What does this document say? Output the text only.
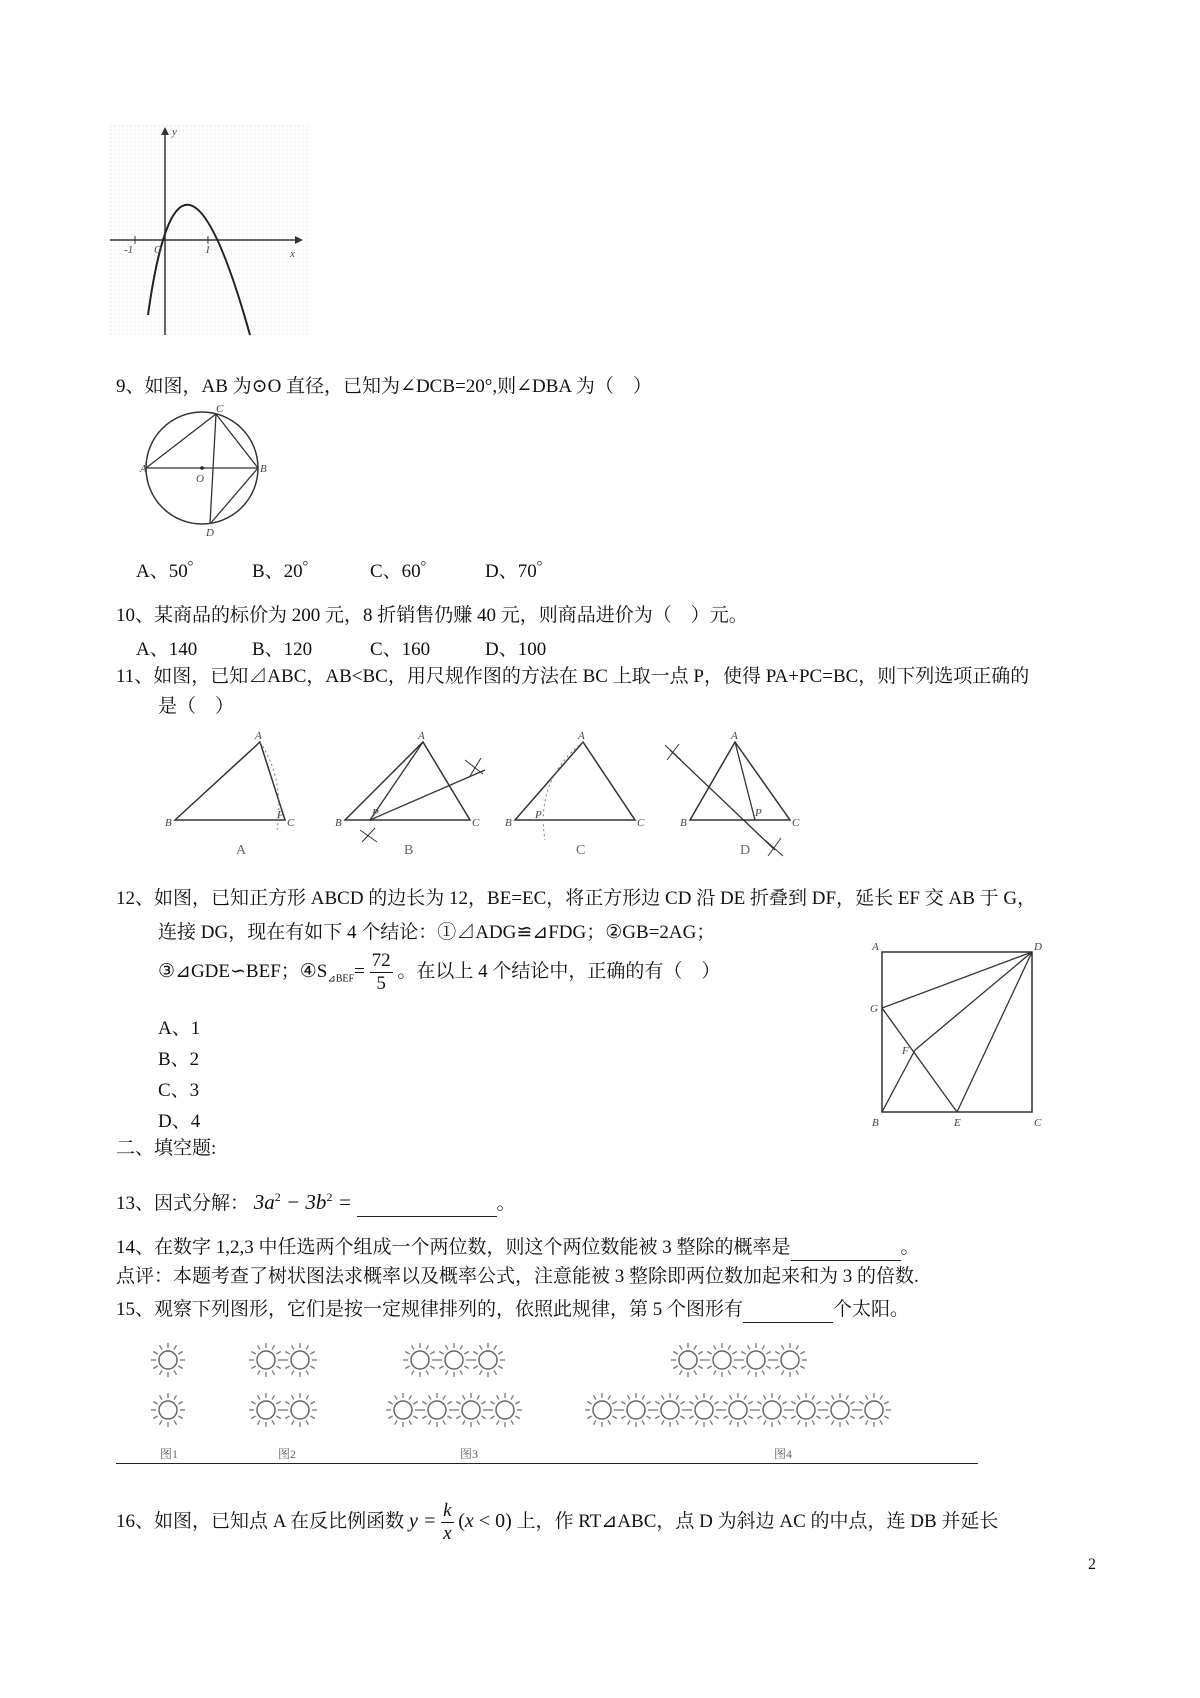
-1 O	1	x
y
9、如图，AB 为⊙O 直径，已知为∠DCB=20°,则∠DBA 为（　）
O
A	B
C
D
A、50゜ B、20゜	C、60゜ D、70゜
10、某商品的标价为 200 元，8 折销售仍赚 40 元，则商品进价为（　）元。
A、140	B、120	C、160	D、100
11、如图，已知⊿ABC，AB<BC，用尺规作图的方法在 BC 上取一点 P，使得 PA+PC=BC，则下列选项正确的
是（　）
B
A
C
P
B
A
C
P
B
A
C
P
B
A
C
P
A	B	C	D
12、如图，已知正方形 ABCD 的边长为 12，BE=EC，将正方形边 CD 沿 DE 折叠到 DF，延长 EF 交 AB 于 G，
连接 DG，现在有如下 4 个结论：①⊿ADG≌⊿FDG；②GB=2AG；
③⊿GDE∽BEF；$④S_{⊿BEF}= \frac{72}{5}$ 。在以上 4 个结论中，正确的有（　）
A、1
B、2
C、3
D、4
A	D
G
F
B	E	C
二、填空题:
13、因式分解： $3a^2 - 3b^2$ =	。
14、在数字 1,2,3 中任选两个组成一个两位数，则这个两位数能被 3 整除的概率是	。
点评：本题考查了树状图法求概率以及概率公式，注意能被 3 整除即两位数加起来和为 3 的倍数.
15、观察下列图形，它们是按一定规律排列的，依照此规律，第 5 个图形有	个太阳。
图1	图2	图3	图4
16、如图，已知点 A 在反比例函数 $y = \frac{k}{x} (x < 0)$ 上，作 RT⊿ABC，点 D 为斜边 AC 的中点，连 DB 并延长
2
